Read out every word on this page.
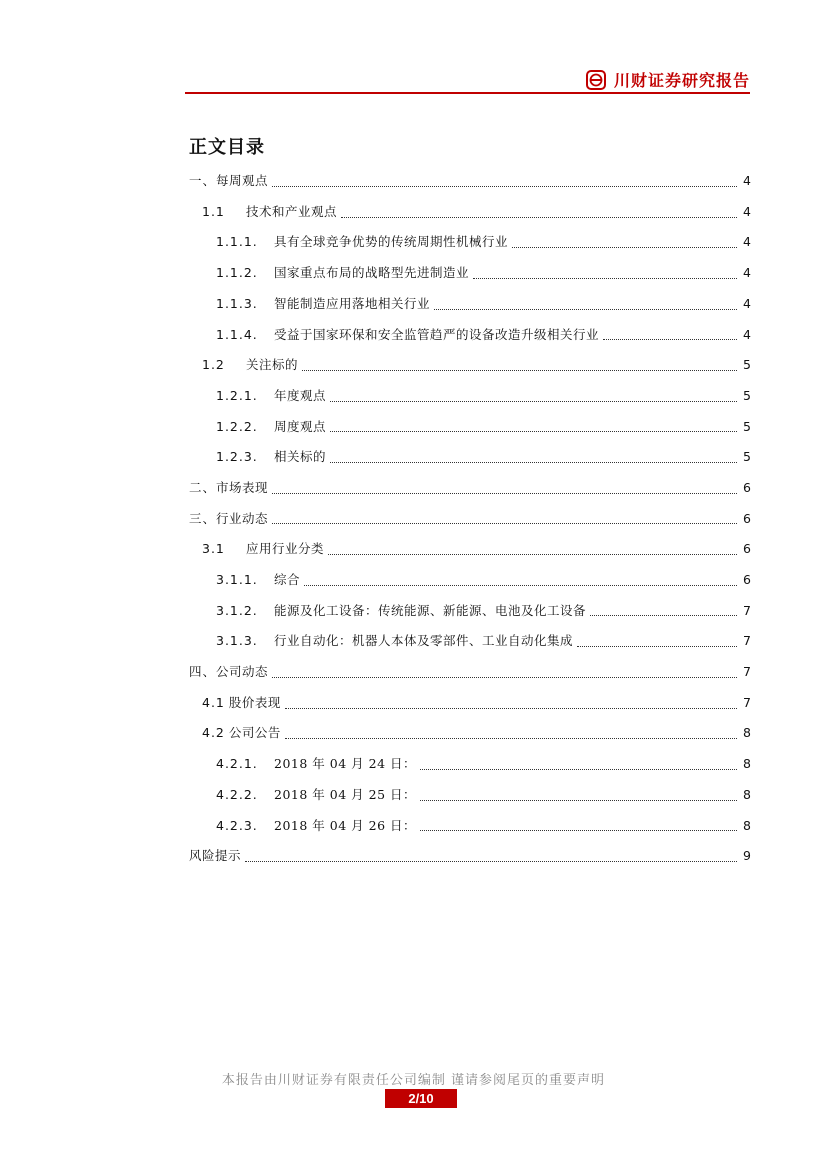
川财证券研究报告
正文目录
一、 每周观点	4
1.1	技术和产业观点	4
1.1.1.	具有全球竞争优势的传统周期性机械行业	4
1.1.2.	国家重点布局的战略型先进制造业	4
1.1.3.	智能制造应用落地相关行业	4
1.1.4.	受益于国家环保和安全监管趋严的设备改造升级相关行业	4
1.2	关注标的	5
1.2.1.	年度观点	5
1.2.2.	周度观点	5
1.2.3.	相关标的	5
二、 市场表现	6
三、 行业动态	6
3.1	应用行业分类	6
3.1.1.	综合	6
3.1.2.	能源及化工设备：传统能源、新能源、电池及化工设备	7
3.1.3.	行业自动化：机器人本体及零部件、工业自动化集成	7
四、 公司动态	7
4.1 股价表现	7
4.2 公司公告	8
4.2.1.	2018 年 04 月 24 日：	8
4.2.2.	2018 年 04 月 25 日：	8
4.2.3.	2018 年 04 月 26 日：	8
风险提示	9
本报告由川财证券有限责任公司编制 谨请参阅尾页的重要声明
2/10
